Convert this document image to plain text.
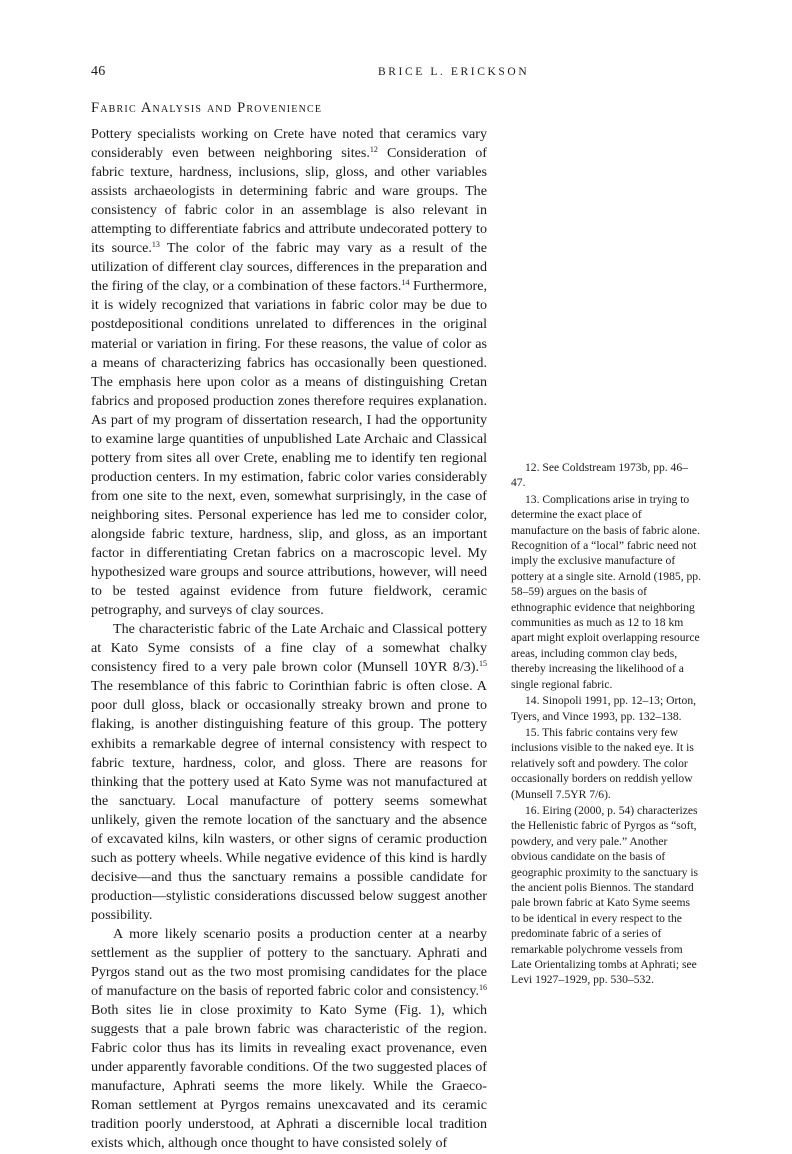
46	BRICE L. ERICKSON
Fabric Analysis and Provenience

Pottery specialists working on Crete have noted that ceramics vary considerably even between neighboring sites.$^{12}$ Consideration of fabric texture, hardness, inclusions, slip, gloss, and other variables assists archaeologists in determining fabric and ware groups. The consistency of fabric color in an assemblage is also relevant in attempting to differentiate fabrics and attribute undecorated pottery to its source.$^{13}$ The color of the fabric may vary as a result of the utilization of different clay sources, differences in the preparation and the firing of the clay, or a combination of these factors.$^{14}$ Furthermore, it is widely recognized that variations in fabric color may be due to postdepositional conditions unrelated to differences in the original material or variation in firing. For these reasons, the value of color as a means of characterizing fabrics has occasionally been questioned. The emphasis here upon color as a means of distinguishing Cretan fabrics and proposed production zones therefore requires explanation. As part of my program of dissertation research, I had the opportunity to examine large quantities of unpublished Late Archaic and Classical pottery from sites all over Crete, enabling me to identify ten regional production centers. In my estimation, fabric color varies considerably from one site to the next, even, somewhat surprisingly, in the case of neighboring sites. Personal experience has led me to consider color, alongside fabric texture, hardness, slip, and gloss, as an important factor in differentiating Cretan fabrics on a macroscopic level. My hypothesized ware groups and source attributions, however, will need to be tested against evidence from future fieldwork, ceramic petrography, and surveys of clay sources.

The characteristic fabric of the Late Archaic and Classical pottery at Kato Syme consists of a fine clay of a somewhat chalky consistency fired to a very pale brown color (Munsell 10YR 8/3).$^{15}$ The resemblance of this fabric to Corinthian fabric is often close. A poor dull gloss, black or occasionally streaky brown and prone to flaking, is another distinguishing feature of this group. The pottery exhibits a remarkable degree of internal consistency with respect to fabric texture, hardness, color, and gloss. There are reasons for thinking that the pottery used at Kato Syme was not manufactured at the sanctuary. Local manufacture of pottery seems somewhat unlikely, given the remote location of the sanctuary and the absence of excavated kilns, kiln wasters, or other signs of ceramic production such as pottery wheels. While negative evidence of this kind is hardly decisive—and thus the sanctuary remains a possible candidate for production—stylistic considerations discussed below suggest another possibility.

A more likely scenario posits a production center at a nearby settlement as the supplier of pottery to the sanctuary. Aphrati and Pyrgos stand out as the two most promising candidates for the place of manufacture on the basis of reported fabric color and consistency.$^{16}$ Both sites lie in close proximity to Kato Syme (Fig. 1), which suggests that a pale brown fabric was characteristic of the region. Fabric color thus has its limits in revealing exact provenance, even under apparently favorable conditions. Of the two suggested places of manufacture, Aphrati seems the more likely. While the Graeco-Roman settlement at Pyrgos remains unexcavated and its ceramic tradition poorly understood, at Aphrati a discernible local tradition exists which, although once thought to have consisted solely of

12. See Coldstream 1973b, pp. 46–47.

13. Complications arise in trying to determine the exact place of manufacture on the basis of fabric alone. Recognition of a “local” fabric need not imply the exclusive manufacture of pottery at a single site. Arnold (1985, pp. 58–59) argues on the basis of ethnographic evidence that neighboring communities as much as 12 to 18 km apart might exploit overlapping resource areas, including common clay beds, thereby increasing the likelihood of a single regional fabric.

14. Sinopoli 1991, pp. 12–13; Orton, Tyers, and Vince 1993, pp. 132–138.

15. This fabric contains very few inclusions visible to the naked eye. It is relatively soft and powdery. The color occasionally borders on reddish yellow (Munsell 7.5YR 7/6).

16. Eiring (2000, p. 54) characterizes the Hellenistic fabric of Pyrgos as “soft, powdery, and very pale.” Another obvious candidate on the basis of geographic proximity to the sanctuary is the ancient polis Biennos. The standard pale brown fabric at Kato Syme seems to be identical in every respect to the predominate fabric of a series of remarkable polychrome vessels from Late Orientalizing tombs at Aphrati; see Levi 1927–1929, pp. 530–532.
